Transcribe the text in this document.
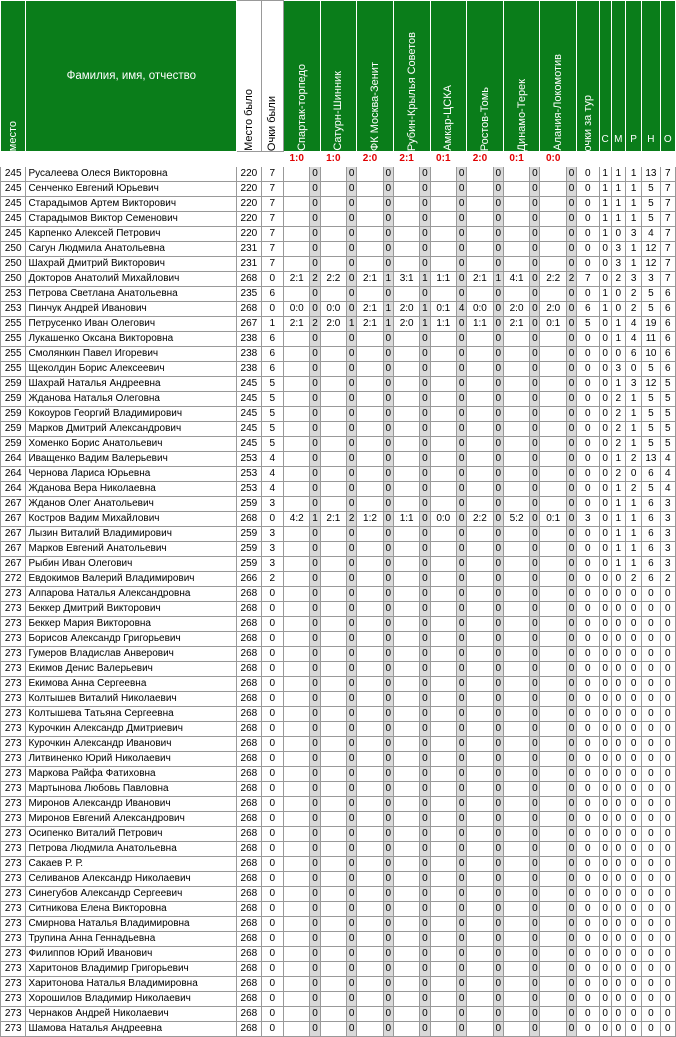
место	Фамилия, имя, отчество	Место было	Очки были	Спартак-торпедо		Сатурн-Шинник		ФК Москва-Зенит		Рубин-Крылья Советов		Амкар-ЦСКА		Ростов-Томь		Динамо-Терек		Алания-Локомотив		очки за тур	С	М	Р	Н	О
М		Мб	Об	1:0		1:0		2:0		2:1		0:1		2:0		0:1		0:0							
245	Русалеева Олеся Викторовна	220	7		0		0		0		0		0		0		0		0	0	1	1	1	13	7
245	Сенченко Евгений Юрьевич	220	7		0		0		0		0		0		0		0		0	0	1	1	1	5	7
245	Старадымов Артем Викторович	220	7		0		0		0		0		0		0		0		0	0	1	1	1	5	7
245	Старадымов Виктор Семенович	220	7		0		0		0		0		0		0		0		0	0	1	1	1	5	7
245	Карпенко Алексей Петрович	220	7		0		0		0		0		0		0		0		0	0	1	0	3	4	7
250	Сагун Людмила Анатольевна	231	7		0		0		0		0		0		0		0		0	0	0	3	1	12	7
250	Шахрай Дмитрий Викторович	231	7		0		0		0		0		0		0		0		0	0	0	3	1	12	7
250	Докторов Анатолий Михайлович	268	0	2:1	2	2:2	0	2:1	1	3:1	1	1:1	0	2:1	1	4:1	0	2:2	2	7	0	2	3	3	7
253	Петрова Светлана Анатольевна	235	6		0		0		0		0		0		0		0		0	0	1	0	2	5	6
253	Пинчук Андрей Иванович	268	0	0:0	0	0:0	0	2:1	1	2:0	1	0:1	4	0:0	0	2:0	0	2:0	0	6	1	0	2	5	6
255	Петрусенко Иван Олегович	267	1	2:1	2	2:0	1	2:1	1	2:0	1	1:1	0	1:1	0	2:1	0	0:1	0	5	0	1	4	19	6
255	Лукашенко Оксана Викторовна	238	6		0		0		0		0		0		0		0		0	0	0	1	4	11	6
255	Смолянкин Павел Игоревич	238	6		0		0		0		0		0		0		0		0	0	0	0	6	10	6
255	Щеколдин Борис Алексеевич	238	6		0		0		0		0		0		0		0		0	0	0	3	0	5	6
259	Шахрай Наталья Андреевна	245	5		0		0		0		0		0		0		0		0	0	0	1	3	12	5
259	Жданова Наталья Олеговна	245	5		0		0		0		0		0		0		0		0	0	0	2	1	5	5
259	Кокоуров Георгий Владимирович	245	5		0		0		0		0		0		0		0		0	0	0	2	1	5	5
259	Марков Дмитрий Александрович	245	5		0		0		0		0		0		0		0		0	0	0	2	1	5	5
259	Хоменко Борис Анатольевич	245	5		0		0		0		0		0		0		0		0	0	0	2	1	5	5
264	Иващенко Вадим Валерьевич	253	4		0		0		0		0		0		0		0		0	0	0	1	2	13	4
264	Чернова Лариса Юрьевна	253	4		0		0		0		0		0		0		0		0	0	0	2	0	6	4
264	Жданова Вера Николаевна	253	4		0		0		0		0		0		0		0		0	0	0	1	2	5	4
267	Жданов Олег Анатольевич	259	3		0		0		0		0		0		0		0		0	0	0	1	1	6	3
267	Костров Вадим Михайлович	268	0	4:2	1	2:1	2	1:2	0	1:1	0	0:0	0	2:2	0	5:2	0	0:1	0	3	0	1	1	6	3
267	Лызин Виталий Владимирович	259	3		0		0		0		0		0		0		0		0	0	0	1	1	6	3
267	Марков Евгений Анатольевич	259	3		0		0		0		0		0		0		0		0	0	0	1	1	6	3
267	Рыбин Иван Олегович	259	3		0		0		0		0		0		0		0		0	0	0	1	1	6	3
272	Евдокимов Валерий Владимирович	266	2		0		0		0		0		0		0		0		0	0	0	0	2	6	2
273	Алпарова Наталья Александровна	268	0		0		0		0		0		0		0		0		0	0	0	0	0	0	0
273	Беккер Дмитрий Викторович	268	0		0		0		0		0		0		0		0		0	0	0	0	0	0	0
273	Беккер Мария Викторовна	268	0		0		0		0		0		0		0		0		0	0	0	0	0	0	0
273	Борисов Александр Григорьевич	268	0		0		0		0		0		0		0		0		0	0	0	0	0	0	0
273	Гумеров Владислав Анверович	268	0		0		0		0		0		0		0		0		0	0	0	0	0	0	0
273	Екимов Денис Валерьевич	268	0		0		0		0		0		0		0		0		0	0	0	0	0	0	0
273	Екимова Анна Сергеевна	268	0		0		0		0		0		0		0		0		0	0	0	0	0	0	0
273	Колтышев Виталий Николаевич	268	0		0		0		0		0		0		0		0		0	0	0	0	0	0	0
273	Колтышева Татьяна Сергеевна	268	0		0		0		0		0		0		0		0		0	0	0	0	0	0	0
273	Курочкин Александр Дмитриевич	268	0		0		0		0		0		0		0		0		0	0	0	0	0	0	0
273	Курочкин Александр Иванович	268	0		0		0		0		0		0		0		0		0	0	0	0	0	0	0
273	Литвиненко Юрий Николаевич	268	0		0		0		0		0		0		0		0		0	0	0	0	0	0	0
273	Маркова Райфа Фатиховна	268	0		0		0		0		0		0		0		0		0	0	0	0	0	0	0
273	Мартынова Любовь Павловна	268	0		0		0		0		0		0		0		0		0	0	0	0	0	0	0
273	Миронов Александр Иванович	268	0		0		0		0		0		0		0		0		0	0	0	0	0	0	0
273	Миронов Евгений Александрович	268	0		0		0		0		0		0		0		0		0	0	0	0	0	0	0
273	Осипенко Виталий Петрович	268	0		0		0		0		0		0		0		0		0	0	0	0	0	0	0
273	Петрова Людмила Анатольевна	268	0		0		0		0		0		0		0		0		0	0	0	0	0	0	0
273	Сакаев Р. Р.	268	0		0		0		0		0		0		0		0		0	0	0	0	0	0	0
273	Селиванов Александр Николаевич	268	0		0		0		0		0		0		0		0		0	0	0	0	0	0	0
273	Синегубов Александр Сергеевич	268	0		0		0		0		0		0		0		0		0	0	0	0	0	0	0
273	Ситникова Елена Викторовна	268	0		0		0		0		0		0		0		0		0	0	0	0	0	0	0
273	Смирнова Наталья Владимировна	268	0		0		0		0		0		0		0		0		0	0	0	0	0	0	0
273	Трупина Анна Геннадьевна	268	0		0		0		0		0		0		0		0		0	0	0	0	0	0	0
273	Филиппов Юрий Иванович	268	0		0		0		0		0		0		0		0		0	0	0	0	0	0	0
273	Харитонов Владимир Григорьевич	268	0		0		0		0		0		0		0		0		0	0	0	0	0	0	0
273	Харитонова Наталья Владимировна	268	0		0		0		0		0		0		0		0		0	0	0	0	0	0	0
273	Хорошилов Владимир Николаевич	268	0		0		0		0		0		0		0		0		0	0	0	0	0	0	0
273	Чернаков Андрей Николаевич	268	0		0		0		0		0		0		0		0		0	0	0	0	0	0	0
273	Шамова Наталья Андреевна	268	0		0		0		0		0		0		0		0		0	0	0	0	0	0	0
